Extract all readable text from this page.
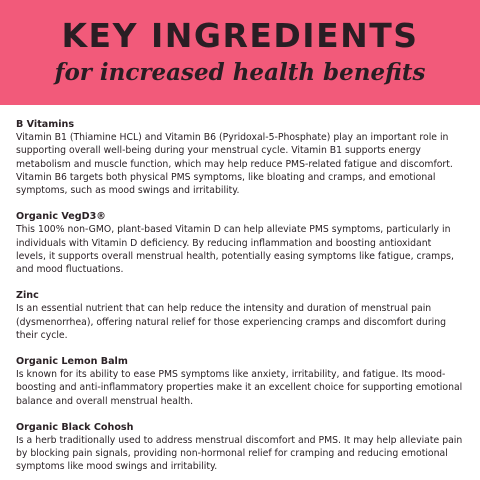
KEY INGREDIENTS
for increased health benefits

B Vitamins

Vitamin B1 (Thiamine HCL) and Vitamin B6 (Pyridoxal-5-Phosphate) play an important role in supporting overall well-being during your menstrual cycle. Vitamin B1 supports energy metabolism and muscle function, which may help reduce PMS-related fatigue and discomfort. Vitamin B6 targets both physical PMS symptoms, like bloating and cramps, and emotional symptoms, such as mood swings and irritability.

Organic VegD3®

This 100% non-GMO, plant-based Vitamin D can help alleviate PMS symptoms, particularly in individuals with Vitamin D deficiency. By reducing inflammation and boosting antioxidant levels, it supports overall menstrual health, potentially easing symptoms like fatigue, cramps, and mood fluctuations.

Zinc

Is an essential nutrient that can help reduce the intensity and duration of menstrual pain (dysmenorrhea), offering natural relief for those experiencing cramps and discomfort during their cycle.

Organic Lemon Balm

Is known for its ability to ease PMS symptoms like anxiety, irritability, and fatigue. Its mood-boosting and anti-inflammatory properties make it an excellent choice for supporting emotional balance and overall menstrual health.

Organic Black Cohosh

Is a herb traditionally used to address menstrual discomfort and PMS. It may help alleviate pain by blocking pain signals, providing non-hormonal relief for cramping and reducing emotional symptoms like mood swings and irritability.
